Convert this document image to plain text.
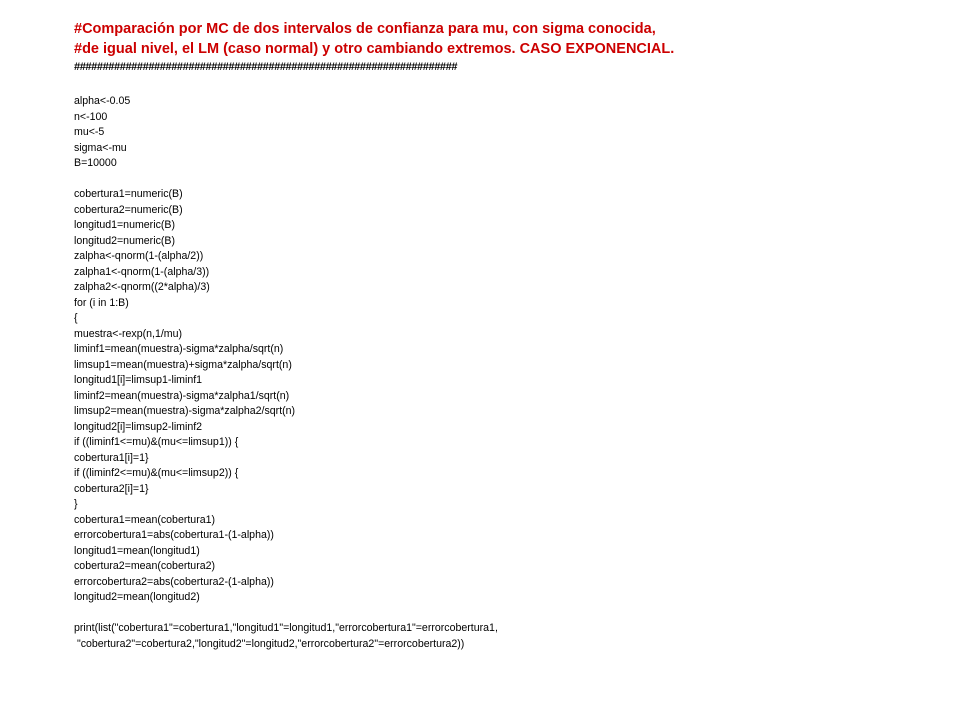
#Comparación por MC de dos intervalos de confianza para mu, con sigma conocida,
#de igual nivel, el LM (caso normal) y otro cambiando extremos. CASO EXPONENCIAL.
###################################################################
alpha<-0.05
n<-100
mu<-5
sigma<-mu
B=10000
cobertura1=numeric(B)
cobertura2=numeric(B)
longitud1=numeric(B)
longitud2=numeric(B)
zalpha<-qnorm(1-(alpha/2))
zalpha1<-qnorm(1-(alpha/3))
zalpha2<-qnorm((2*alpha)/3)
for (i in 1:B)
{
muestra<-rexp(n,1/mu)
liminf1=mean(muestra)-sigma*zalpha/sqrt(n)
limsup1=mean(muestra)+sigma*zalpha/sqrt(n)
longitud1[i]=limsup1-liminf1
liminf2=mean(muestra)-sigma*zalpha1/sqrt(n)
limsup2=mean(muestra)-sigma*zalpha2/sqrt(n)
longitud2[i]=limsup2-liminf2
if ((liminf1<=mu)&(mu<=limsup1)) {
cobertura1[i]=1}
if ((liminf2<=mu)&(mu<=limsup2)) {
cobertura2[i]=1}
}
cobertura1=mean(cobertura1)
errorcobertura1=abs(cobertura1-(1-alpha))
longitud1=mean(longitud1)
cobertura2=mean(cobertura2)
errorcobertura2=abs(cobertura2-(1-alpha))
longitud2=mean(longitud2)
print(list("cobertura1"=cobertura1,"longitud1"=longitud1,"errorcobertura1"=errorcobertura1,
"cobertura2"=cobertura2,"longitud2"=longitud2,"errorcobertura2"=errorcobertura2))
